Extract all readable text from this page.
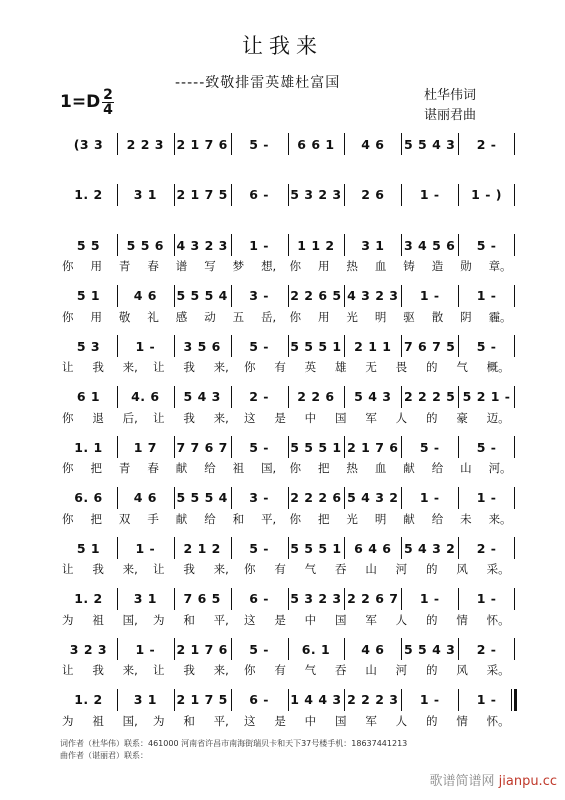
让我来
-----致敬排雷英雄杜富国
杜华伟词
谌丽君曲
1=D 2
4
(3 3 2 2 3 2 1 7 6 5 - 6 6 1 4 6 5 5 4 3 2 -
1. 2 3 1 2 1 7 5 6 - 5 3 2 3 2 6	1 -	1 - )
5 5 5 5 6 4 3 2 3 1 - 1 1 2 3 1 3 4 5 6 5 -
你 用 青 春 谱 写 梦 想, 你 用 热 血 铸 造 勋 章。
5 1	4 6 5 5 5 4 3 - 2 2 6 5 4 3 2 3 1 -	1 -
你 用 敬 礼 感 动 五 岳, 你 用 光 明 驱 散 阴 霾。
5 3	1 - 3 5 6 5 - 5 5 5 1 2 1 1 7 6 7 5 5 -
让 我 来, 让 我 来, 你 有 英 雄 无 畏 的 气 概。
6 1 4. 6 5 4 3 2 - 2 2 6 5 4 3 2 2 2 5 5 2 1 -
你 退 后, 让 我 来, 这 是 中 国 军 人 的 豪 迈。
1. 1 1 7 7 7 6 7 5 - 5 5 5 1 2 1 7 6 5 -	5 -
你 把 青 春 献 给 祖 国, 你 把 热 血 献 给 山 河。
6. 6 4 6 5 5 5 4 3 - 2 2 2 6 5 4 3 2 1 -	1 -
你 把 双 手 献 给 和 平, 你 把 光 明 献 给 未 来。
5 1	1 - 2 1 2 5 - 5 5 5 1 6 4 6 5 4 3 2 2 -
让 我 来, 让 我 来, 你 有 气 吞 山 河 的 风 采。
1. 2 3 1 7 6 5 6 - 5 3 2 3 2 2 6 7 1 -	1 -
为 祖 国, 为 和 平, 这 是 中 国 军 人 的 情 怀。
3 2 3 1 - 2 1 7 6 5 -	6. 1 4 6 5 5 4 3 2 -
让 我 来, 让 我 来, 你 有 气 吞 山 河 的 风 采。
1. 2 3 1 2 1 7 5 6 - 1 4 4 3 2 2 2 3 1 -	1 -
为 祖 国, 为 和 平, 这 是 中 国 军 人 的 情 怀。
词作者（杜华伟）联系：461000 河南省许昌市南海街瑞贝卡和天下37号楼手机：18637441213
曲作者（谌丽君）联系：
歌谱简谱网 jianpu.cc
